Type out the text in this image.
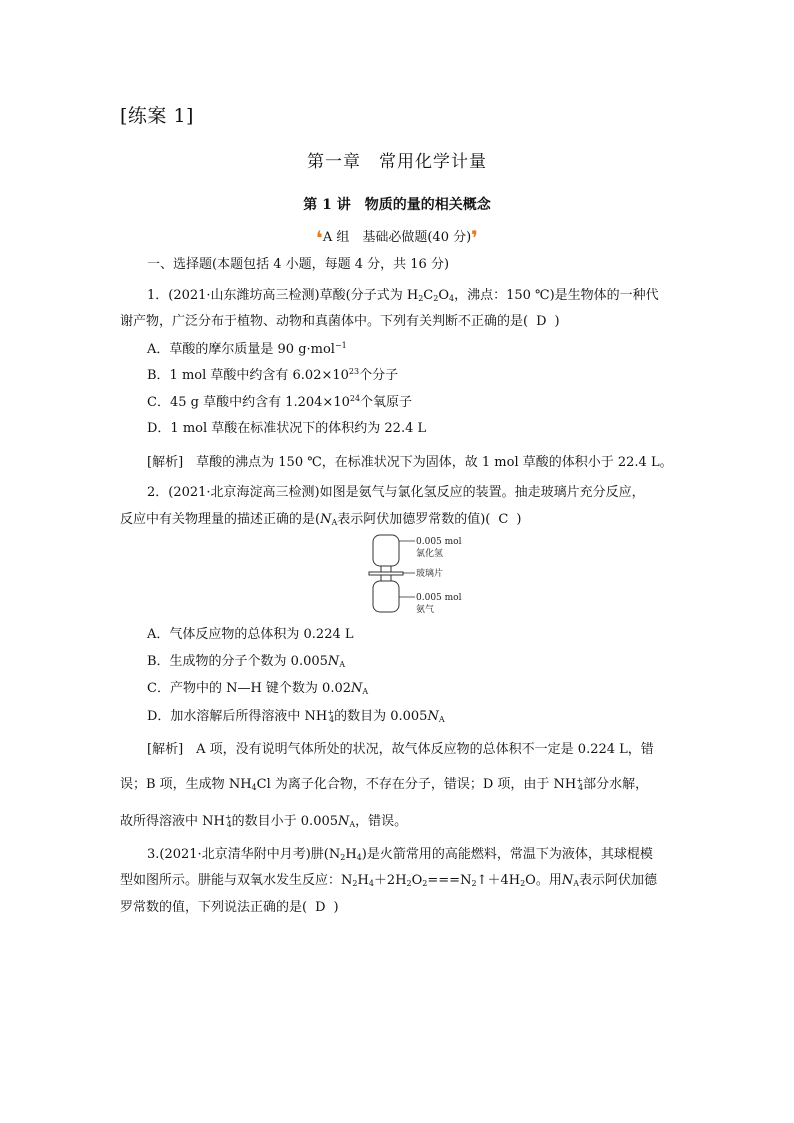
[练案 1]
第一章　常用化学计量
第 1 讲　物质的量的相关概念
❛A 组　基础必做题(40 分)❜
一、选择题(本题包括 4 小题，每题 4 分，共 16 分)
1．(2021·山东潍坊高三检测)草酸(分子式为 $H_2C_2O_4$，沸点：150 ℃)是生物体的一种代
谢产物，广泛分布于植物、动物和真菌体中。下列有关判断不正确的是( D )
A．草酸的摩尔质量是 90 g·mol$^{-1}$
B．1 mol 草酸中约含有 $6.02\times 10^{23}$个分子
C．45 g 草酸中约含有 $1.204\times 10^{24}$个氧原子
D．1 mol 草酸在标准状况下的体积约为 22.4 L
[解析]　草酸的沸点为 150 ℃，在标准状况下为固体，故 1 mol 草酸的体积小于 22.4 L。
2．(2021·北京海淀高三检测)如图是氨气与氯化氢反应的装置。抽走玻璃片充分反应，
反应中有关物理量的描述正确的是($N_A$表示阿伏加德罗常数的值)( C )
0.005 mol
氯化氢
玻璃片
0.005 mol
氨气
A．气体反应物的总体积为 0.224 L
B．生成物的分子个数为 $0.005N_A$
C．产物中的 N—H 键个数为 $0.02N_A$
D．加水溶解后所得溶液中 $NH^+_4$的数目为 $0.005N_A$
[解析]　A 项，没有说明气体所处的状况，故气体反应物的总体积不一定是 0.224 L，错
误；B 项，生成物 $NH_4Cl$ 为离子化合物，不存在分子，错误；D 项，由于 $NH^+_4$部分水解，
故所得溶液中 $NH^+_4$的数目小于 $0.005N_A$，错误。
3.(2021·北京清华附中月考)肼$(N_2H_4)$是火箭常用的高能燃料，常温下为液体，其球棍模
型如图所示。肼能与双氧水发生反应：$N_2H_4+2H_2O_2===N_2↑+4H_2O$。用$N_A$表示阿伏加德
罗常数的值，下列说法正确的是( D )
